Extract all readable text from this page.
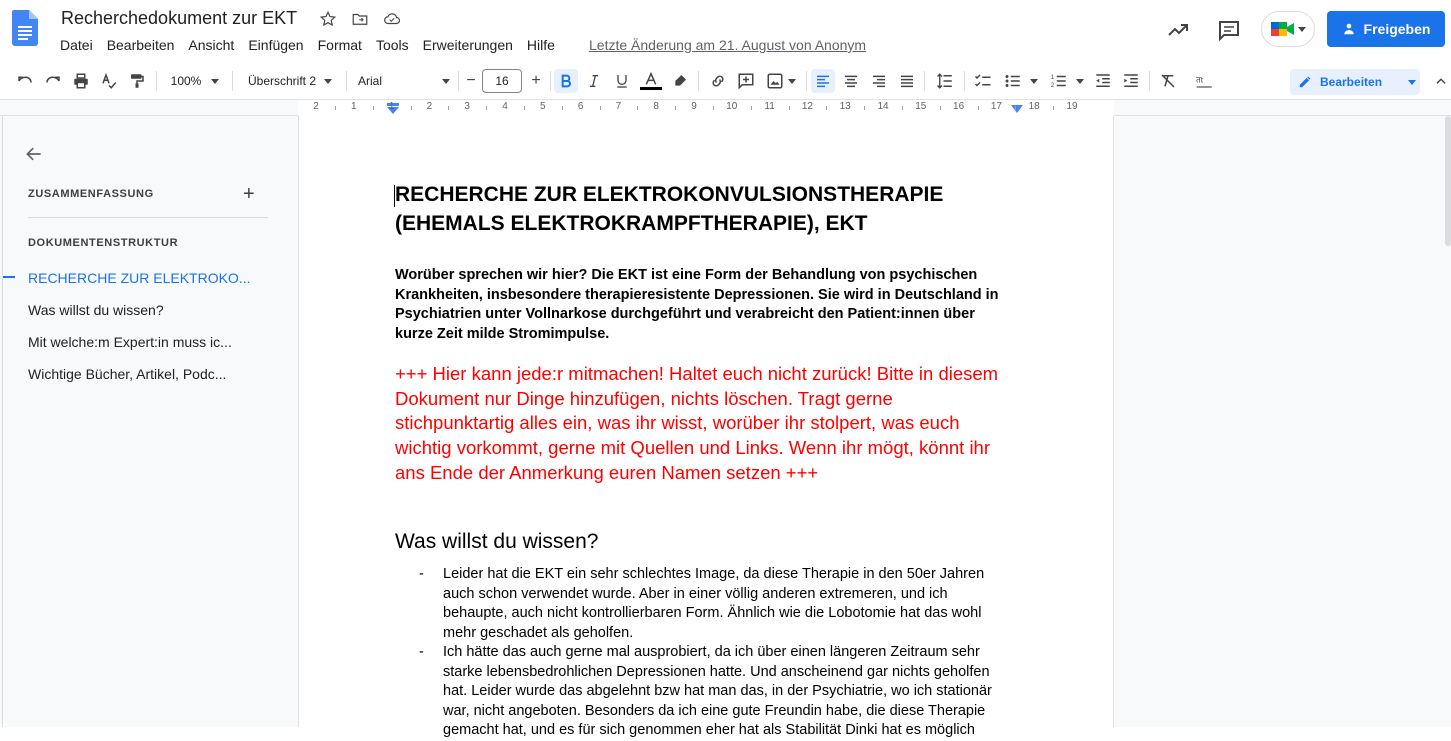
Recherchedokument zur EKT
Datei	Bearbeiten	Ansicht	Einfügen	Format	Tools	Erweiterungen	Hilfe	Letzte Änderung am 21. August von Anonym
Freigeben
100%	Überschrift 2	Arial	−	16	+	1
2
तt	Bearbeiten
2	1	1	2	3	4	5	6	7	8	9	10	11	12	13	14	15	16	17	18	19
ZUSAMMENFASSUNG	+
DOKUMENTENSTRUKTUR
RECHERCHE ZUR ELEKTROKO...
Was willst du wissen?
Mit welche:m Expert:in muss ic...
Wichtige Bücher, Artikel, Podc...
RECHERCHE ZUR ELEKTROKONVULSIONSTHERAPIE (EHEMALS ELEKTROKRAMPFTHERAPIE), EKT
Worüber sprechen wir hier? Die EKT ist eine Form der Behandlung von psychischen Krankheiten, insbesondere therapieresistente Depressionen. Sie wird in Deutschland in Psychiatrien unter Vollnarkose durchgeführt und verabreicht den Patient:innen über kurze Zeit milde Stromimpulse.
+++ Hier kann jede:r mitmachen! Haltet euch nicht zurück! Bitte in diesem Dokument nur Dinge hinzufügen, nichts löschen. Tragt gerne stichpunktartig alles ein, was ihr wisst, worüber ihr stolpert, was euch wichtig vorkommt, gerne mit Quellen und Links. Wenn ihr mögt, könnt ihr ans Ende der Anmerkung euren Namen setzen +++
Was willst du wissen?
- Leider hat die EKT ein sehr schlechtes Image, da diese Therapie in den 50er Jahren auch schon verwendet wurde. Aber in einer völlig anderen extremeren, und ich behaupte, auch nicht kontrollierbaren Form. Ähnlich wie die Lobotomie hat das wohl mehr geschadet als geholfen.
- Ich hätte das auch gerne mal ausprobiert, da ich über einen längeren Zeitraum sehr starke lebensbedrohlichen Depressionen hatte. Und anscheinend gar nichts geholfen hat. Leider wurde das abgelehnt bzw hat man das, in der Psychiatrie, wo ich stationär war, nicht angeboten. Besonders da ich eine gute Freundin habe, die diese Therapie gemacht hat, und es für sich genommen eher hat als Stabilität Dinki hat es möglich
